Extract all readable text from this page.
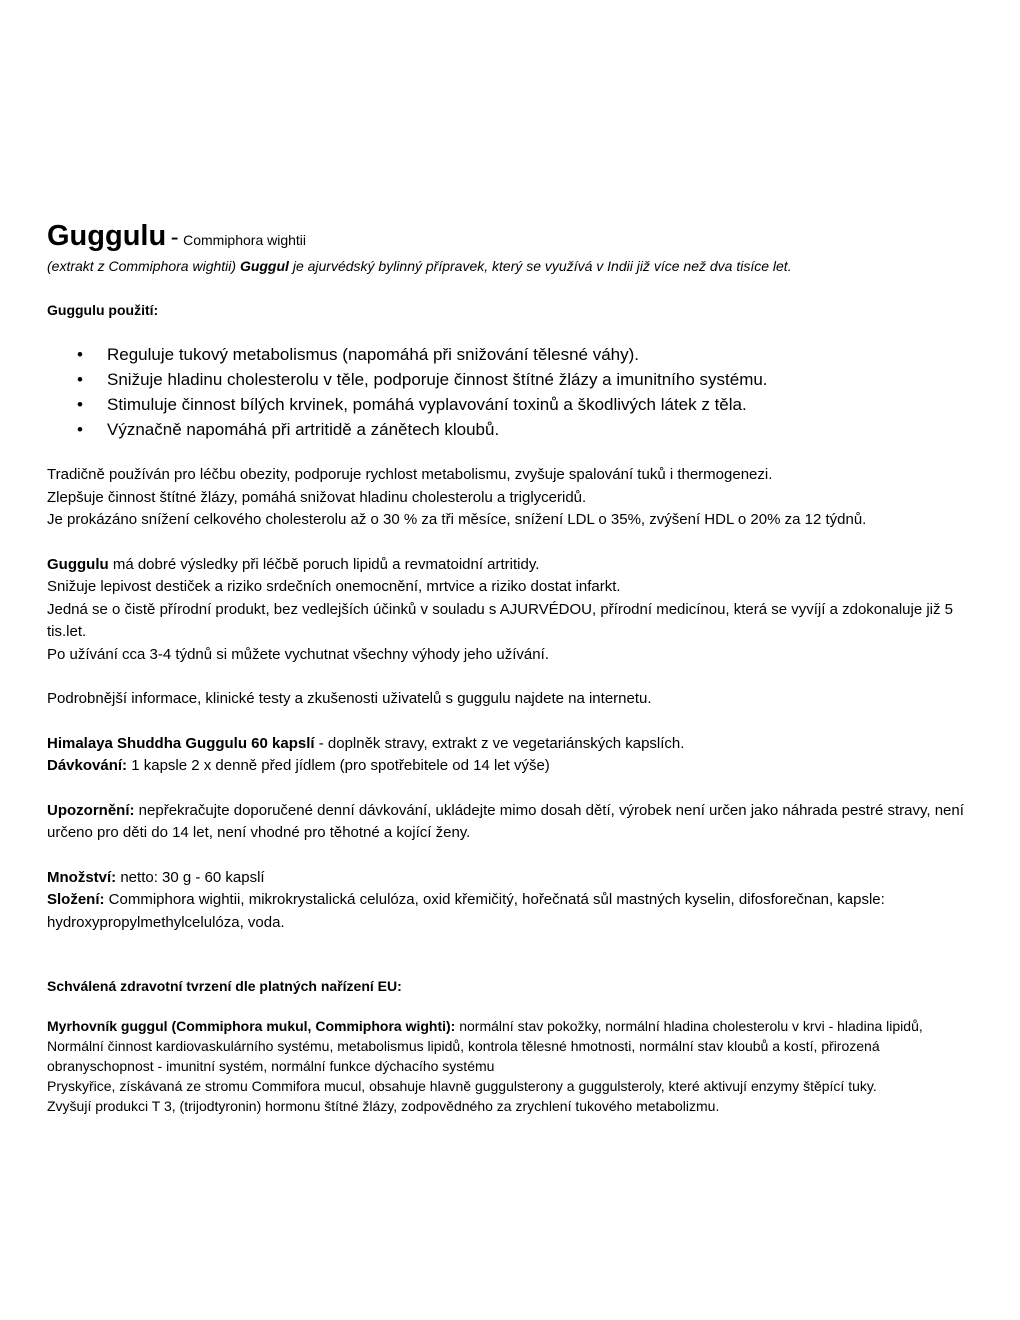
Guggulu - Commiphora wightii

(extrakt z Commiphora wightii) Guggul je ajurvédský bylinný přípravek, který se využívá v Indii již více než dva tisíce let.

Guggulu použití:

• Reguluje tukový metabolismus (napomáhá při snižování tělesné váhy).
• Snižuje hladinu cholesterolu v těle, podporuje činnost štítné žlázy a imunitního systému.
• Stimuluje činnost bílých krvinek, pomáhá vyplavování toxinů a škodlivých látek z těla.
• Význačně napomáhá při artritidě a zánětech kloubů.

Tradičně používán pro léčbu obezity, podporuje rychlost metabolismu, zvyšuje spalování tuků i thermogenezi.

Zlepšuje činnost štítné žlázy, pomáhá snižovat hladinu cholesterolu a triglyceridů.

Je prokázáno snížení celkového cholesterolu až o 30 % za tři měsíce, snížení LDL o 35%, zvýšení HDL o 20% za 12 týdnů.

Guggulu má dobré výsledky při léčbě poruch lipidů a revmatoidní artritidy.

Snižuje lepivost destiček a riziko srdečních onemocnění, mrtvice a riziko dostat infarkt.

Jedná se o čistě přírodní produkt, bez vedlejších účinků v souladu s AJURVÉDOU, přírodní medicínou, která se vyvíjí a zdokonaluje již 5 tis.let.

Po užívání cca 3-4 týdnů si můžete vychutnat všechny výhody jeho užívání.

Podrobnější informace, klinické testy a zkušenosti uživatelů s guggulu najdete na internetu.

Himalaya Shuddha Guggulu 60 kapslí - doplněk stravy, extrakt z ve vegetariánských kapslích.

Dávkování: 1 kapsle 2 x denně před jídlem (pro spotřebitele od 14 let výše)

Upozornění: nepřekračujte doporučené denní dávkování, ukládejte mimo dosah dětí, výrobek není určen jako náhrada pestré stravy, není určeno pro děti do 14 let, není vhodné pro těhotné a kojící ženy.

Množství: netto: 30 g - 60 kapslí

Složení: Commiphora wightii, mikrokrystalická celulóza, oxid křemičitý, hořečnatá sůl mastných kyselin, difosforečnan, kapsle: hydroxypropylmethylcelulóza, voda.

Schválená zdravotní tvrzení dle platných nařízení EU:

Myrhovník guggul (Commiphora mukul, Commiphora wighti): normální stav pokožky, normální hladina cholesterolu v krvi - hladina lipidů, Normální činnost kardiovaskulárního systému, metabolismus lipidů, kontrola tělesné hmotnosti, normální stav kloubů a kostí, přirozená obranyschopnost - imunitní systém, normální funkce dýchacího systému

Pryskyřice, získávaná ze stromu Commifora mucul, obsahuje hlavně guggulsterony a guggulsteroly, které aktivují enzymy štěpící tuky.

Zvyšují produkci T 3, (trijodtyronin) hormonu štítné žlázy, zodpovědného za zrychlení tukového metabolizmu.
